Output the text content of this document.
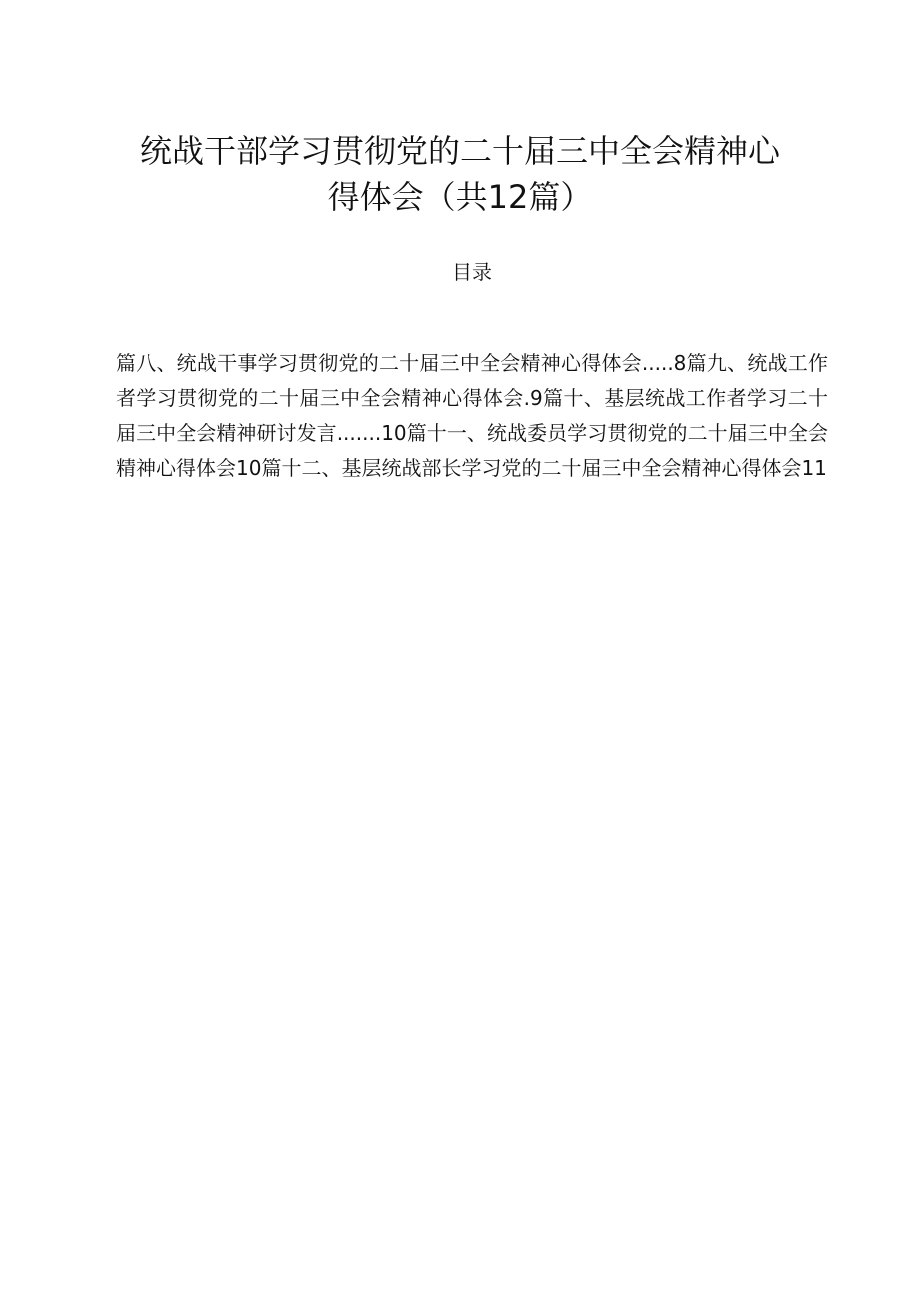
统战干部学习贯彻党的二十届三中全会精神心
得体会（共12篇）
目录
篇八、统战干事学习贯彻党的二十届三中全会精神心得体会.....8篇九、统战工作者学习贯彻党的二十届三中全会精神心得体会.9篇十、基层统战工作者学习二十届三中全会精神研讨发言.......10篇十一、统战委员学习贯彻党的二十届三中全会精神心得体会10篇十二、基层统战部长学习党的二十届三中全会精神心得体会11
